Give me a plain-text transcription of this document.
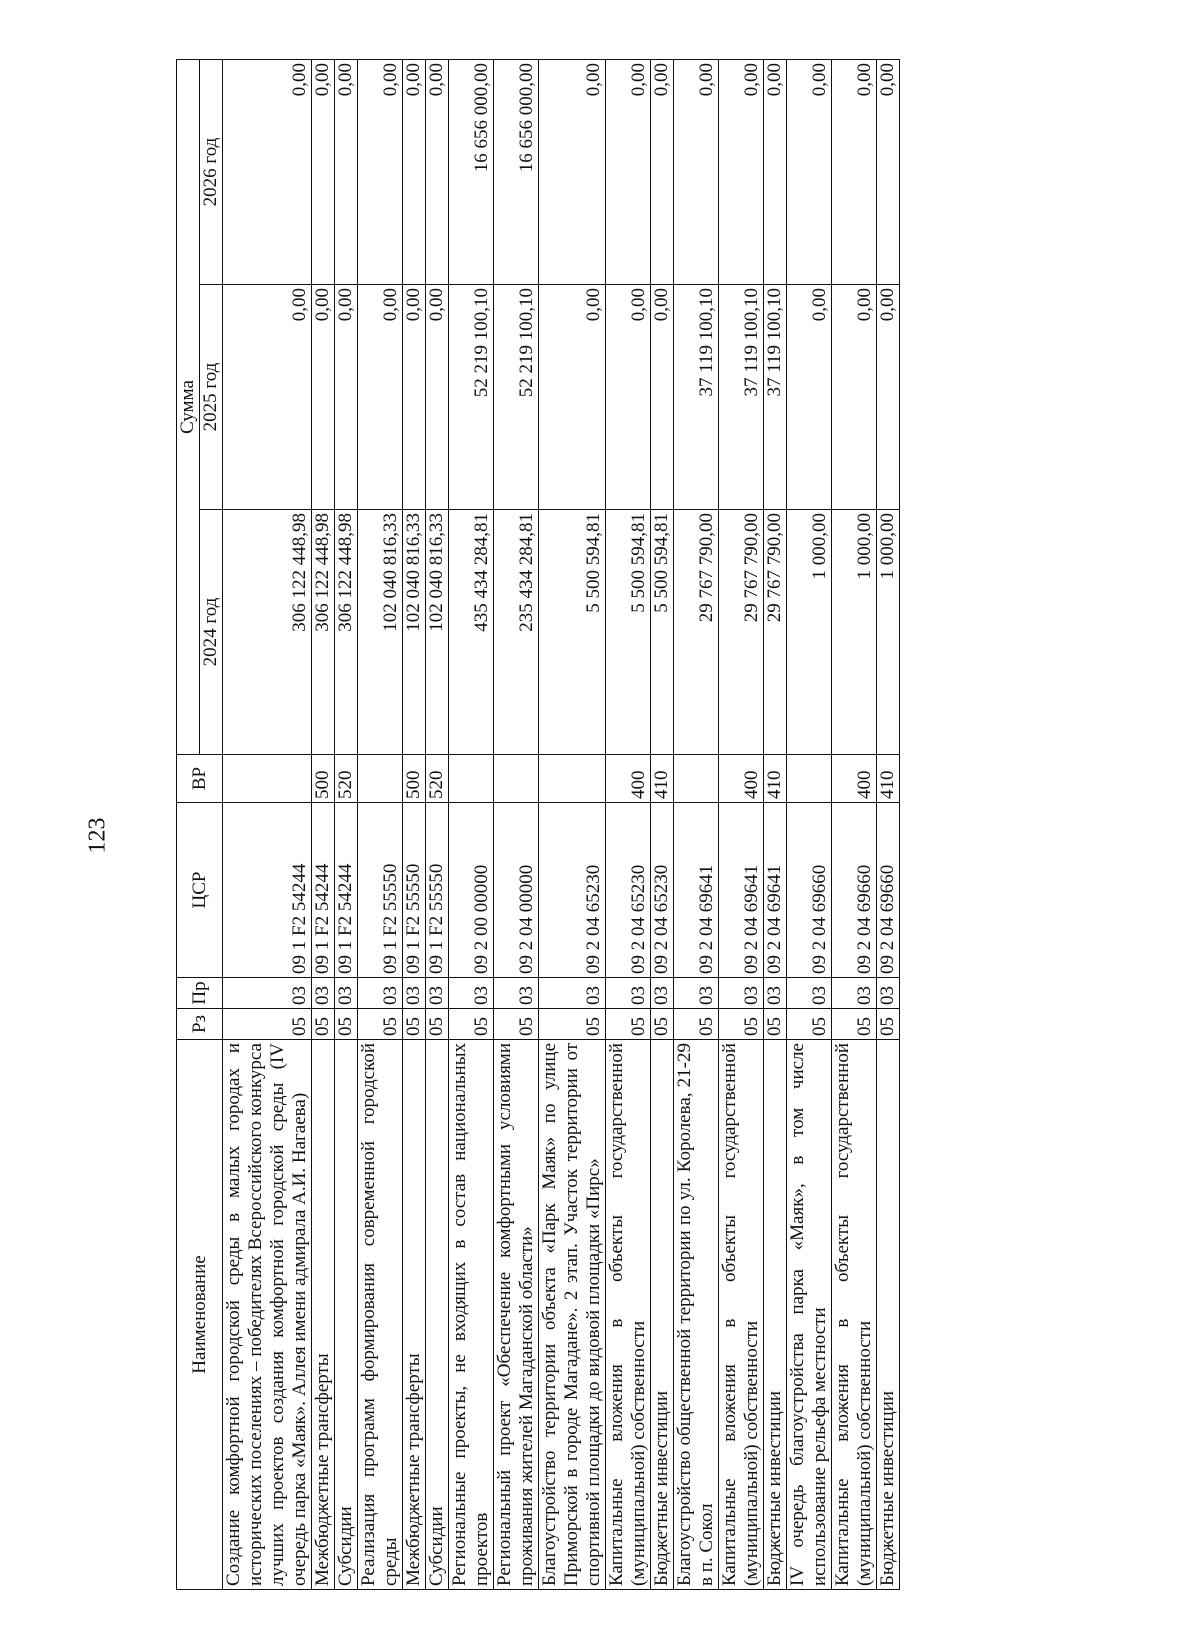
123
Наименование	Рз	Пр	ЦСР	ВР	Сумма		
					2024 год	2025 год	2026 год
Создание комфортной городской среды в малых городах и исторических поселениях – победителях Всероссийского конкурса лучших проектов создания комфортной городской среды (IV очередь парка «Маяк». Аллея имени адмирала А.И. Нагаева)	05	03	09 1 F2 54244		306 122 448,98	0,00	0,00
Межбюджетные трансферты	05	03	09 1 F2 54244	500	306 122 448,98	0,00	0,00
Субсидии	05	03	09 1 F2 54244	520	306 122 448,98	0,00	0,00
Реализация программ формирования современной городской среды	05	03	09 1 F2 55550		102 040 816,33	0,00	0,00
Межбюджетные трансферты	05	03	09 1 F2 55550	500	102 040 816,33	0,00	0,00
Субсидии	05	03	09 1 F2 55550	520	102 040 816,33	0,00	0,00
Региональные проекты, не входящих в состав национальных проектов	05	03	09 2 00 00000		435 434 284,81	52 219 100,10	16 656 000,00
Региональный проект «Обеспечение комфортными условиями проживания жителей Магаданской области»	05	03	09 2 04 00000		235 434 284,81	52 219 100,10	16 656 000,00
Благоустройство территории объекта «Парк Маяк» по улице Приморской в городе Магадане». 2 этап. Участок территории от спортивной площадки до видовой площадки «Пирс»	05	03	09 2 04 65230		5 500 594,81	0,00	0,00
Капитальные вложения в объекты государственной (муниципальной) собственности	05	03	09 2 04 65230	400	5 500 594,81	0,00	0,00
Бюджетные инвестиции	05	03	09 2 04 65230	410	5 500 594,81	0,00	0,00
Благоустройство общественной территории по ул. Королева, 21-29 в п. Сокол	05	03	09 2 04 69641		29 767 790,00	37 119 100,10	0,00
Капитальные вложения в объекты государственной (муниципальной) собственности	05	03	09 2 04 69641	400	29 767 790,00	37 119 100,10	0,00
Бюджетные инвестиции	05	03	09 2 04 69641	410	29 767 790,00	37 119 100,10	0,00
IV очередь благоустройства парка «Маяк», в том числе использование рельефа местности	05	03	09 2 04 69660		1 000,00	0,00	0,00
Капитальные вложения в объекты государственной (муниципальной) собственности	05	03	09 2 04 69660	400	1 000,00	0,00	0,00
Бюджетные инвестиции	05	03	09 2 04 69660	410	1 000,00	0,00	0,00
